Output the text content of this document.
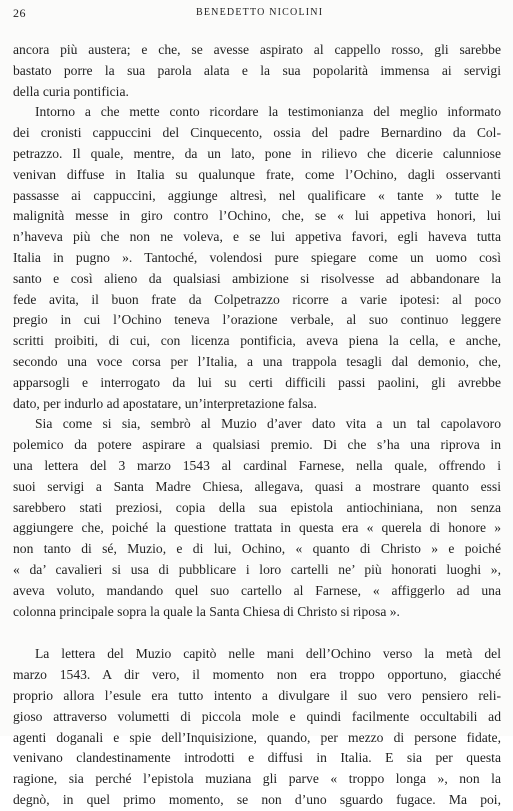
26	BENEDETTO NICOLINI
ancora più austera; e che, se avesse aspirato al cappello rosso, gli sarebbe
bastato porre la sua parola alata e la sua popolarità immensa ai servigi
della curia pontificia.
Intorno a che mette conto ricordare la testimonianza del meglio informato
dei cronisti cappuccini del Cinquecento, ossia del padre Bernardino da Col-
petrazzo. Il quale, mentre, da un lato, pone in rilievo che dicerie calunniose
venivan diffuse in Italia su qualunque frate, come l’Ochino, dagli osservanti
passasse ai cappuccini, aggiunge altresì, nel qualificare « tante » tutte le
malignità messe in giro contro l’Ochino, che, se « lui appetiva honori, lui
n’haveva più che non ne voleva, e se lui appetiva favori, egli haveva tutta
Italia in pugno ». Tantoché, volendosi pure spiegare come un uomo così
santo e così alieno da qualsiasi ambizione si risolvesse ad abbandonare la
fede avita, il buon frate da Colpetrazzo ricorre a varie ipotesi: al poco
pregio in cui l’Ochino teneva l’orazione verbale, al suo continuo leggere
scritti proibiti, di cui, con licenza pontificia, aveva piena la cella, e anche,
secondo una voce corsa per l’Italia, a una trappola tesagli dal demonio, che,
apparsogli e interrogato da lui su certi difficili passi paolini, gli avrebbe
dato, per indurlo ad apostatare, un’interpretazione falsa.
Sia come si sia, sembrò al Muzio d’aver dato vita a un tal capolavoro
polemico da potere aspirare a qualsiasi premio. Di che s’ha una riprova in
una lettera del 3 marzo 1543 al cardinal Farnese, nella quale, offrendo i
suoi servigi a Santa Madre Chiesa, allegava, quasi a mostrare quanto essi
sarebbero stati preziosi, copia della sua epistola antiochiniana, non senza
aggiungere che, poiché la questione trattata in questa era « querela di honore »
non tanto di sé, Muzio, e di lui, Ochino, « quanto di Christo » e poiché
« da’ cavalieri si usa di pubblicare i loro cartelli ne’ più honorati luoghi »,
aveva voluto, mandando quel suo cartello al Farnese, « affiggerlo ad una
colonna principale sopra la quale la Santa Chiesa di Christo si riposa ».
La lettera del Muzio capitò nelle mani dell’Ochino verso la metà del
marzo 1543. A dir vero, il momento non era troppo opportuno, giacché
proprio allora l’esule era tutto intento a divulgare il suo vero pensiero reli-
gioso attraverso volumetti di piccola mole e quindi facilmente occultabili ad
agenti doganali e spie dell’Inquisizione, quando, per mezzo di persone fidate,
venivano clandestinamente introdotti e diffusi in Italia. E sia per questa
ragione, sia perché l’epistola muziana gli parve « troppo longa », non la
degnò, in quel primo momento, se non d’uno sguardo fugace. Ma poi,
